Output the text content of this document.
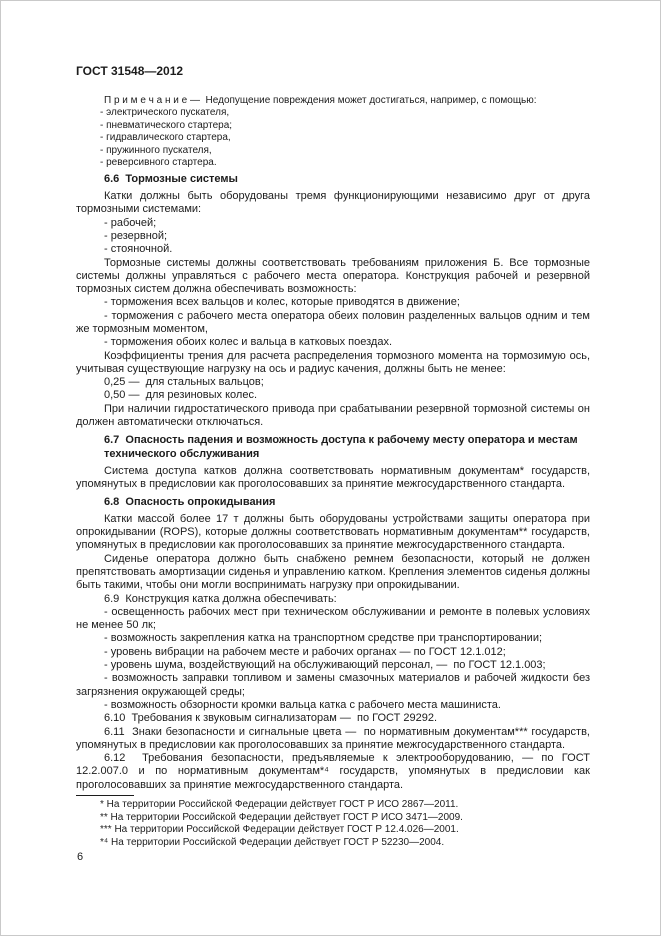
ГОСТ 31548—2012

П р и м е ч а н и е —  Недопущение повреждения может достигаться, например, с помощью:

- электрического пускателя,

- пневматического стартера;

- гидравлического стартера,

- пружинного пускателя,

- реверсивного стартера.

6.6  Тормозные системы

Катки должны быть оборудованы тремя функционирующими независимо друг от друга тормозными системами:

- рабочей;

- резервной;

- стояночной.

Тормозные системы должны соответствовать требованиям приложения Б. Все тормозные системы должны управляться с рабочего места оператора. Конструкция рабочей и резервной тормозных систем должна обеспечивать возможность:

- торможения всех вальцов и колес, которые приводятся в движение;

- торможения с рабочего места оператора обеих половин разделенных вальцов одним и тем же тормозным моментом,

- торможения обоих колес и вальца в катковых поездах.

Коэффициенты трения для расчета распределения тормозного момента на тормозимую ось, учитывая существующие нагрузку на ось и радиус качения, должны быть не менее:

0,25 —  для стальных вальцов;

0,50 —  для резиновых колес.

При наличии гидростатического привода при срабатывании резервной тормозной системы он должен автоматически отключаться.

6.7  Опасность падения и возможность доступа к рабочему месту оператора и местам технического обслуживания

Система доступа катков должна соответствовать нормативным документам* государств, упомянутых в предисловии как проголосовавших за принятие межгосударственного стандарта.

6.8  Опасность опрокидывания

Катки массой более 17 т должны быть оборудованы устройствами защиты оператора при опрокидывании (ROPS), которые должны соответствовать нормативным документам** государств, упомянутых в предисловии как проголосовавших за принятие межгосударственного стандарта.

Сиденье оператора должно быть снабжено ремнем безопасности, который не должен препятствовать амортизации сиденья и управлению катком. Крепления элементов сиденья должны быть такими, чтобы они могли воспринимать нагрузку при опрокидывании.

6.9  Конструкция катка должна обеспечивать:

- освещенность рабочих мест при техническом обслуживании и ремонте в полевых условиях не менее 50 лк;

- возможность закрепления катка на транспортном средстве при транспортировании;

- уровень вибрации на рабочем месте и рабочих органах — по ГОСТ 12.1.012;

- уровень шума, воздействующий на обслуживающий персонал, —  по ГОСТ 12.1.003;

- возможность заправки топливом и замены смазочных материалов и рабочей жидкости без загрязнения окружающей среды;

- возможность обзорности кромки вальца катка с рабочего места машиниста.

6.10  Требования к звуковым сигнализаторам —  по ГОСТ 29292.

6.11  Знаки безопасности и сигнальные цвета —  по нормативным документам*** государств, упомянутых в предисловии как проголосовавших за принятие межгосударственного стандарта.

6.12  Требования безопасности, предъявляемые к электрооборудованию, — по ГОСТ 12.2.007.0 и по нормативным документам*⁴ государств, упомянутых в предисловии как проголосовавших за принятие межгосударственного стандарта.

* На территории Российской Федерации действует ГОСТ Р ИСО 2867—2011.

** На территории Российской Федерации действует ГОСТ Р ИСО 3471—2009.

*** На территории Российской Федерации действует ГОСТ Р 12.4.026—2001.

*⁴ На территории Российской Федерации действует ГОСТ Р 52230—2004.

6
